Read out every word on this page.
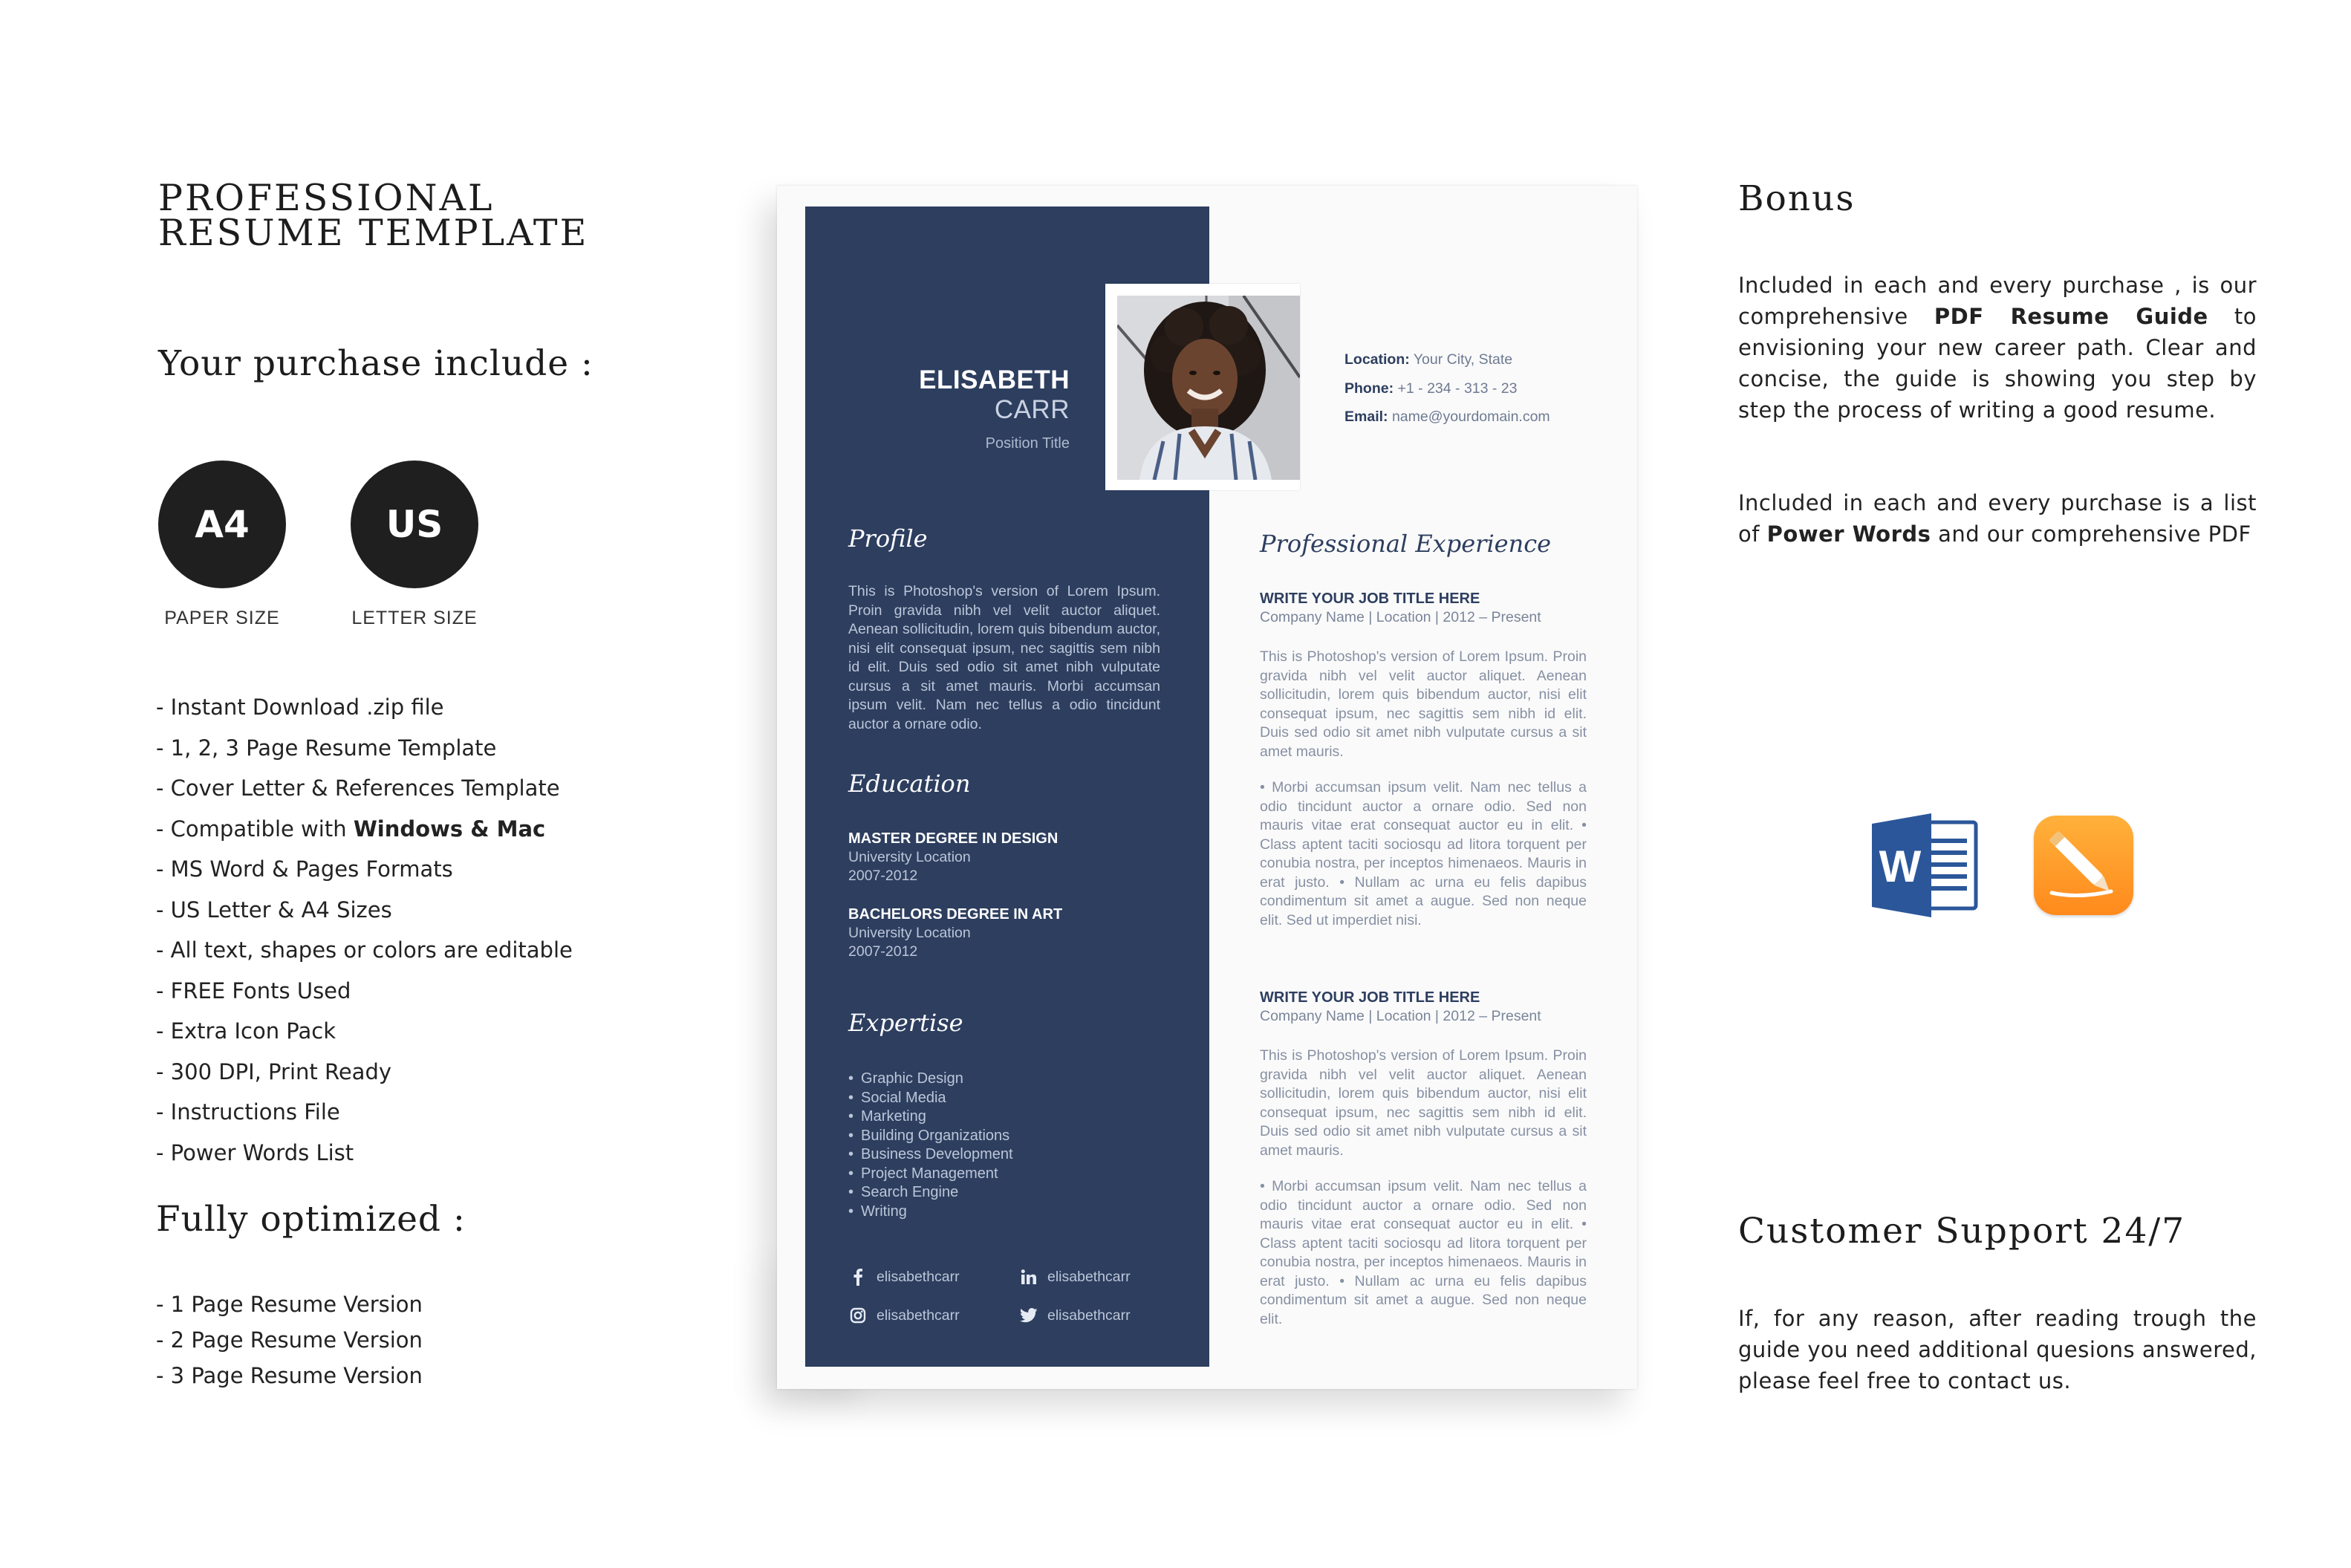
PROFESSIONAL RESUME TEMPLATE
Your purchase include :
A4
PAPER SIZE
US
LETTER SIZE
- Instant Download .zip file
- 1, 2, 3 Page Resume Template
- Cover Letter & References Template
- Compatible with Windows & Mac
- MS Word & Pages Formats
- US Letter & A4 Sizes
- All text, shapes or colors are editable
- FREE Fonts Used
- Extra Icon Pack
- 300 DPI, Print Ready
- Instructions File
- Power Words List
Fully optimized :
- 1 Page Resume Version
- 2 Page Resume Version
- 3 Page Resume Version
ELISABETH
CARR
Position Title
Profile
This is Photoshop's version of Lorem Ipsum. Proin gravida nibh vel velit auctor aliquet. Aenean sollicitudin, lorem quis bibendum auctor, nisi elit consequat ipsum, nec sagittis sem nibh id elit. Duis sed odio sit amet nibh vulputate cursus a sit amet mauris. Morbi accumsan ipsum velit. Nam nec tellus a odio tincidunt auctor a ornare odio.
Education
MASTER DEGREE IN DESIGN
University Location
2007-2012
BACHELORS DEGREE IN ART
University Location
2007-2012
Expertise
• Graphic Design
• Social Media
• Marketing
• Building Organizations
• Business Development
• Project Management
• Search Engine
• Writing
elisabethcarr	elisabethcarr
elisabethcarr	elisabethcarr
Location: Your City, State
Phone: +1 - 234 - 313 - 23
Email: name@yourdomain.com
Professional Experience
WRITE YOUR JOB TITLE HERE
Company Name | Location | 2012 – Present
This is Photoshop's version of Lorem Ipsum. Proin gravida nibh vel velit auctor aliquet. Aenean sollicitudin, lorem quis bibendum auctor, nisi elit consequat ipsum, nec sagittis sem nibh id elit. Duis sed odio sit amet nibh vulputate cursus a sit amet mauris.
• Morbi accumsan ipsum velit. Nam nec tellus a odio tincidunt auctor a ornare odio. Sed non mauris vitae erat consequat auctor eu in elit. • Class aptent taciti sociosqu ad litora torquent per conubia nostra, per inceptos himenaeos. Mauris in erat justo. • Nullam ac urna eu felis dapibus condimentum sit amet a augue. Sed non neque elit. Sed ut imperdiet nisi.
WRITE YOUR JOB TITLE HERE
Company Name | Location | 2012 – Present
This is Photoshop's version of Lorem Ipsum. Proin gravida nibh vel velit auctor aliquet. Aenean sollicitudin, lorem quis bibendum auctor, nisi elit consequat ipsum, nec sagittis sem nibh id elit. Duis sed odio sit amet nibh vulputate cursus a sit amet mauris.
• Morbi accumsan ipsum velit. Nam nec tellus a odio tincidunt auctor a ornare odio. Sed non mauris vitae erat consequat auctor eu in elit. • Class aptent taciti sociosqu ad litora torquent per conubia nostra, per inceptos himenaeos. Mauris in erat justo. • Nullam ac urna eu felis dapibus condimentum sit amet a augue. Sed non neque elit.
Bonus

Included in each and every purchase , is our comprehensive PDF Resume Guide to envisioning your new career path. Clear and concise, the guide is showing you step by step the process of writing a good resume.

Included in each and every purchase is a list of Power Words and our comprehensive PDF

W
Customer Support 24/7

If, for any reason, after reading trough the guide you need additional quesions answered, please feel free to contact us.
